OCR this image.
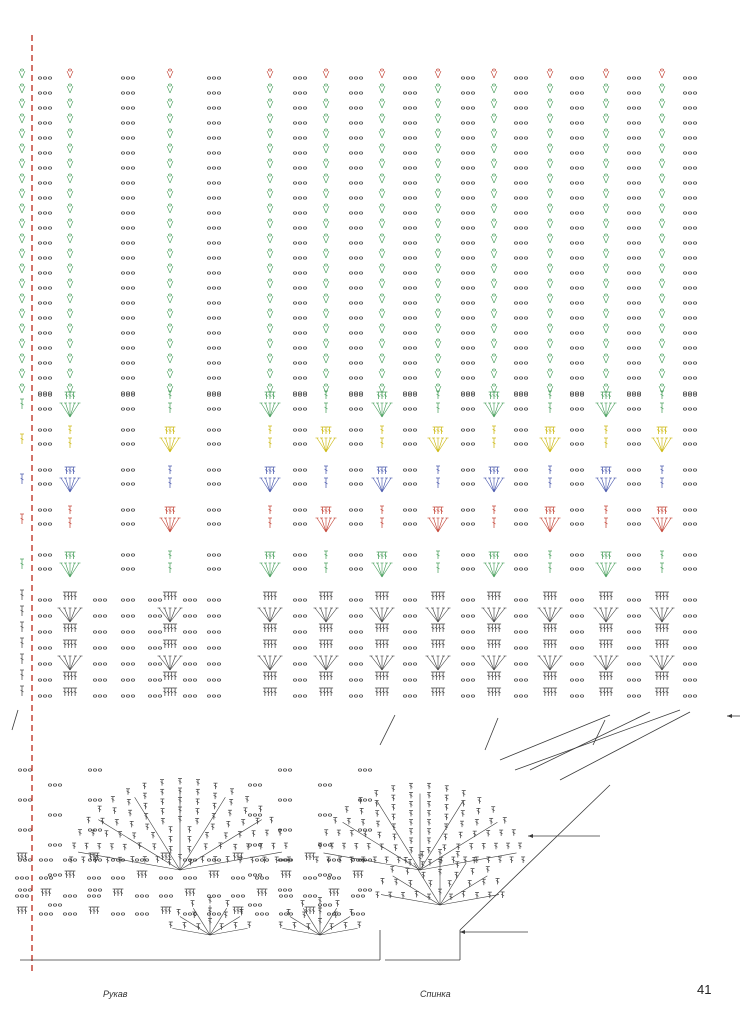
Рукав	Спинка	41
